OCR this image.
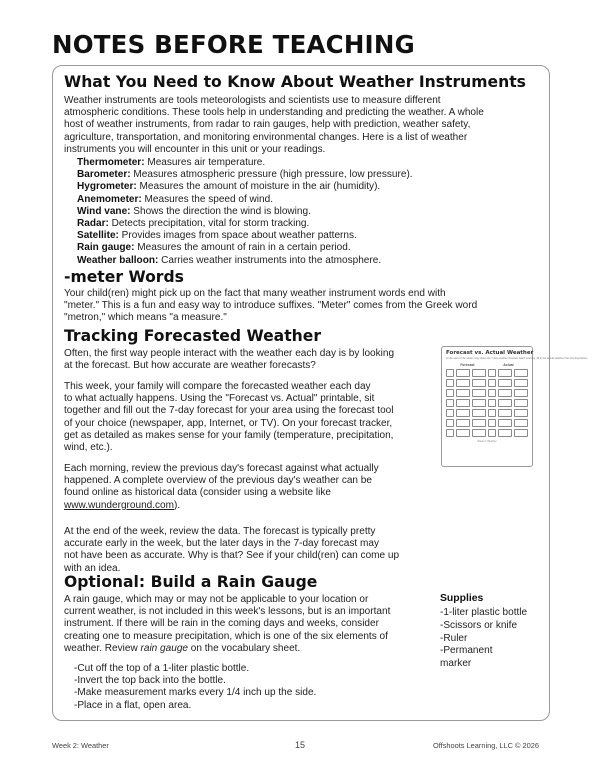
NOTES BEFORE TEACHING
What You Need to Know About Weather Instruments
Weather instruments are tools meteorologists and scientists use to measure different
atmospheric conditions. These tools help in understanding and predicting the weather. A whole
host of weather instruments, from radar to rain gauges, help with prediction, weather safety,
agriculture, transportation, and monitoring environmental changes. Here is a list of weather
instruments you will encounter in this unit or your readings.
Thermometer: Measures air temperature.
Barometer: Measures atmospheric pressure (high pressure, low pressure).
Hygrometer: Measures the amount of moisture in the air (humidity).
Anemometer: Measures the speed of wind.
Wind vane: Shows the direction the wind is blowing.
Radar: Detects precipitation, vital for storm tracking.
Satellite: Provides images from space about weather patterns.
Rain gauge: Measures the amount of rain in a certain period.
Weather balloon: Carries weather instruments into the atmosphere.
-meter Words
Your child(ren) might pick up on the fact that many weather instrument words end with
"meter." This is a fun and easy way to introduce suffixes. "Meter" comes from the Greek word
"metron," which means "a measure."
Tracking Forecasted Weather
Often, the first way people interact with the weather each day is by looking
at the forecast. But how accurate are weather forecasts?
This week, your family will compare the forecasted weather each day
to what actually happens. Using the "Forecast vs. Actual" printable, sit
together and fill out the 7-day forecast for your area using the forecast tool
of your choice (newspaper, app, Internet, or TV). On your forecast tracker,
get as detailed as makes sense for your family (temperature, precipitation,
wind, etc.).
Each morning, review the previous day's forecast against what actually
happened. A complete overview of the previous day's weather can be
found online as historical data (consider using a website like
www.wunderground.com).
At the end of the week, review the data. The forecast is typically pretty
accurate early in the week, but the later days in the 7-day forecast may
not have been as accurate. Why is that? See if your child(ren) can come up
with an idea.
Forecast vs. Actual Weather
At the start of the week, copy down the 7-day weather forecast. Each morning, fill in the actual weather from the day before.
Forecast	Actual
Week 2: Weather
Optional: Build a Rain Gauge
A rain gauge, which may or may not be applicable to your location or
current weather, is not included in this week's lessons, but is an important
instrument. If there will be rain in the coming days and weeks, consider
creating one to measure precipitation, which is one of the six elements of
weather. Review rain gauge on the vocabulary sheet.
-Cut off the top of a 1-liter plastic bottle.
-Invert the top back into the bottle.
-Make measurement marks every 1/4 inch up the side.
-Place in a flat, open area.
Supplies
-1-liter plastic bottle
-Scissors or knife
-Ruler
-Permanent
marker
Week 2: Weather	15	Offshoots Learning, LLC © 2026
